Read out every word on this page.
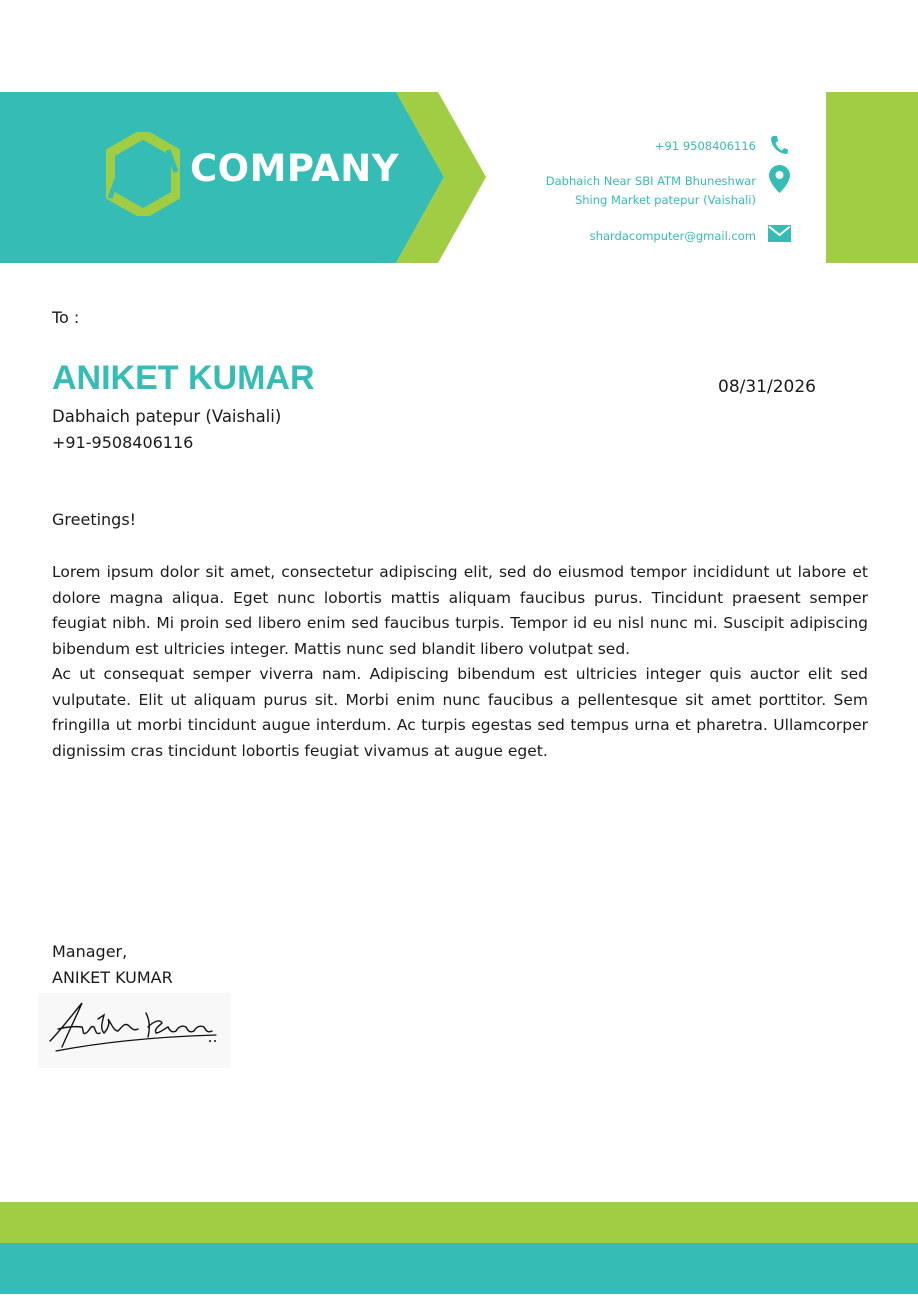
COMPANY
+91 9508406116
Dabhaich Near SBI ATM Bhuneshwar
Shing Market patepur (Vaishali)
shardacomputer@gmail.com
To :
ANIKET KUMAR	08/31/2026
Dabhaich patepur (Vaishali)
+91-9508406116
Greetings!

Lorem ipsum dolor sit amet, consectetur adipiscing elit, sed do eiusmod tempor incididunt ut labore et dolore magna aliqua. Eget nunc lobortis mattis aliquam faucibus purus. Tincidunt praesent semper feugiat nibh. Mi proin sed libero enim sed faucibus turpis. Tempor id eu nisl nunc mi. Suscipit adipiscing bibendum est ultricies integer. Mattis nunc sed blandit libero volutpat sed.

Ac ut consequat semper viverra nam. Adipiscing bibendum est ultricies integer quis auctor elit sed vulputate. Elit ut aliquam purus sit. Morbi enim nunc faucibus a pellentesque sit amet porttitor. Sem fringilla ut morbi tincidunt augue interdum. Ac turpis egestas sed tempus urna et pharetra. Ullamcorper dignissim cras tincidunt lobortis feugiat vivamus at augue eget.

Manager,
ANIKET KUMAR
